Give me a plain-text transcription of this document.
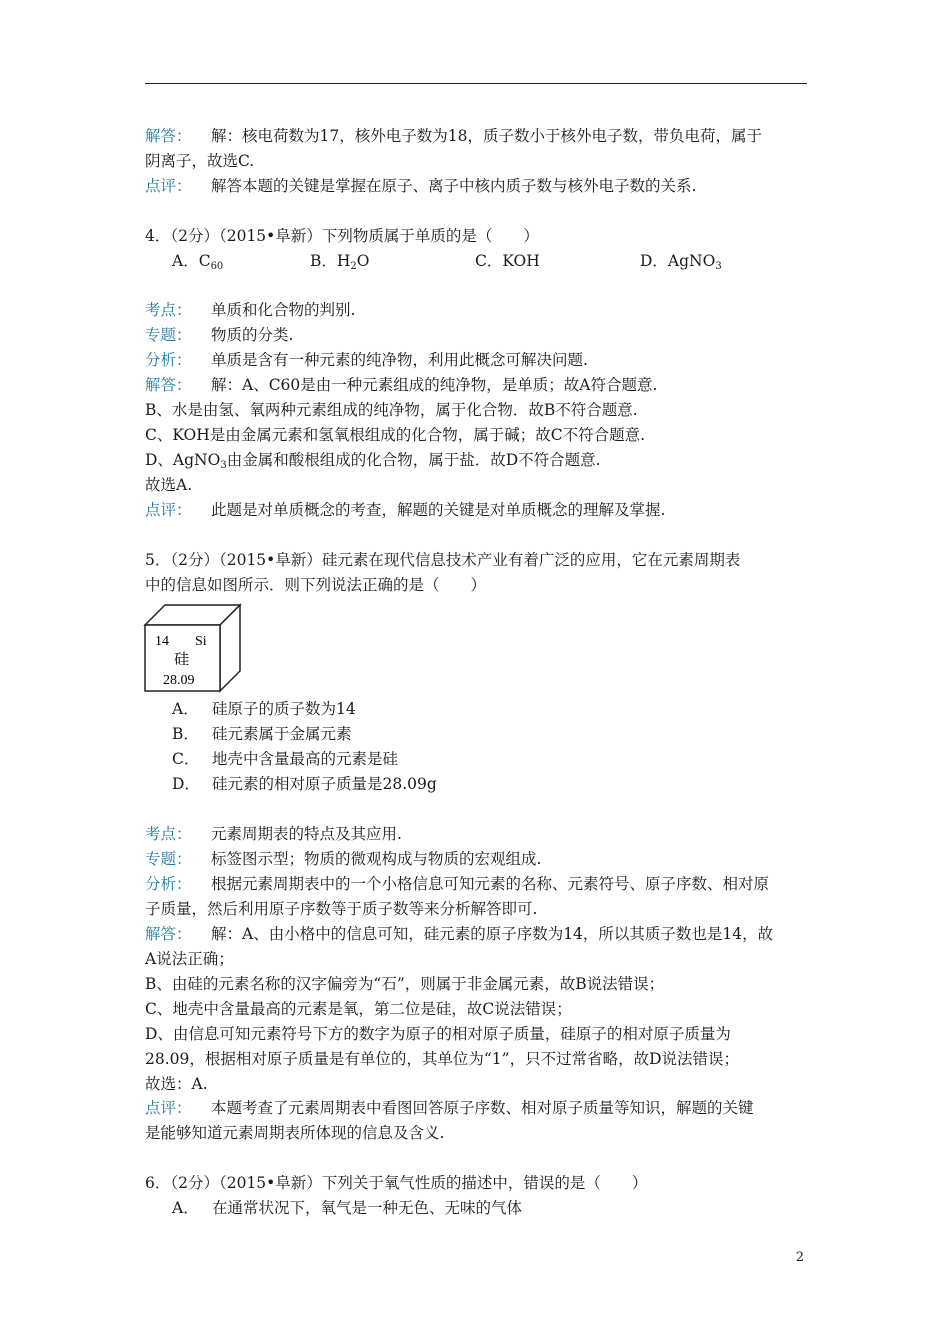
解答： 解：核电荷数为17，核外电子数为18，质子数小于核外电子数，带负电荷，属于
阴离子，故选C.
点评： 解答本题的关键是掌握在原子、离子中核内质子数与核外电子数的关系.
4．（2分）（2015•阜新）下列物质属于单质的是（　　）
A．$C_{60}$	B．$H_2O$	C．KOH	D．AgNO$_3$
考点： 单质和化合物的判别.
专题： 物质的分类.
分析： 单质是含有一种元素的纯净物，利用此概念可解决问题.
解答： 解：A、C60是由一种元素组成的纯净物，是单质；故A符合题意.
B、水是由氢、氧两种元素组成的纯净物，属于化合物．故B不符合题意.
C、KOH是由金属元素和氢氧根组成的化合物，属于碱；故C不符合题意.
D、AgNO$_3$由金属和酸根组成的化合物，属于盐．故D不符合题意.
故选A.
点评： 此题是对单质概念的考查，解题的关键是对单质概念的理解及掌握.
5．（2分）（2015•阜新）硅元素在现代信息技术产业有着广泛的应用，它在元素周期表
中的信息如图所示．则下列说法正确的是（　　）
14 Si
硅
28.09
A． 硅原子的质子数为14
B． 硅元素属于金属元素
C． 地壳中含量最高的元素是硅
D． 硅元素的相对原子质量是28.09g
考点： 元素周期表的特点及其应用.
专题： 标签图示型；物质的微观构成与物质的宏观组成.
分析： 根据元素周期表中的一个小格信息可知元素的名称、元素符号、原子序数、相对原
子质量，然后利用原子序数等于质子数等来分析解答即可.
解答： 解：A、由小格中的信息可知，硅元素的原子序数为14，所以其质子数也是14，故
A说法正确；
B、由硅的元素名称的汉字偏旁为“石”，则属于非金属元素，故B说法错误；
C、地壳中含量最高的元素是氧，第二位是硅，故C说法错误；
D、由信息可知元素符号下方的数字为原子的相对原子质量，硅原子的相对原子质量为
28.09，根据相对原子质量是有单位的，其单位为“1”，只不过常省略，故D说法错误；
故选：A.
点评： 本题考查了元素周期表中看图回答原子序数、相对原子质量等知识，解题的关键
是能够知道元素周期表所体现的信息及含义.
6．（2分）（2015•阜新）下列关于氧气性质的描述中，错误的是（　　）
A． 在通常状况下，氧气是一种无色、无味的气体
2
